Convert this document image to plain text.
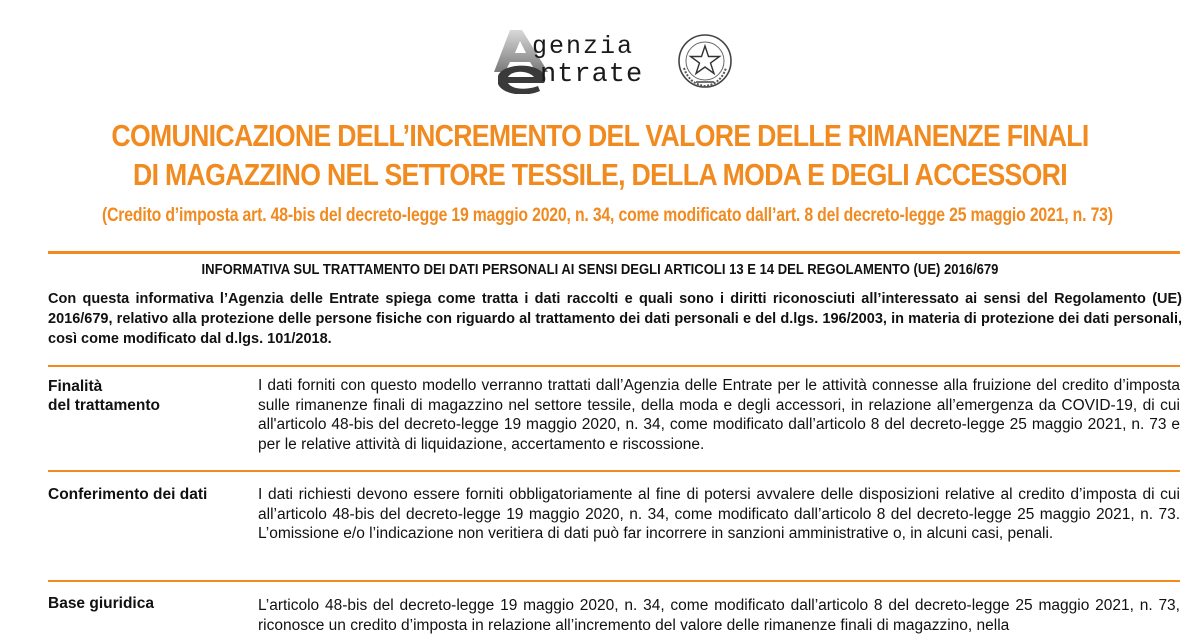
genzia
ntrate
COMUNICAZIONE DELL’INCREMENTO DEL VALORE DELLE RIMANENZE FINALI
DI MAGAZZINO NEL SETTORE TESSILE, DELLA MODA E DEGLI ACCESSORI
(Credito d’imposta art. 48-bis del decreto-legge 19 maggio 2020, n. 34, come modificato dall’art. 8 del decreto-legge 25 maggio 2021, n. 73)
INFORMATIVA SUL TRATTAMENTO DEI DATI PERSONALI AI SENSI DEGLI ARTICOLI 13 E 14 DEL REGOLAMENTO (UE) 2016/679
Con questa informativa l’Agenzia delle Entrate spiega come tratta i dati raccolti e quali sono i diritti riconosciuti all’interessato ai sensi del Regolamento (UE) 2016/679, relativo alla protezione delle persone fisiche con riguardo al trattamento dei dati personali e del d.lgs. 196/2003, in materia di protezione dei dati personali, così come modificato dal d.lgs. 101/2018.
Finalità
del trattamento
I dati forniti con questo modello verranno trattati dall’Agenzia delle Entrate per le attività connesse alla fruizione del credito d’imposta sulle rimanenze finali di magazzino nel settore tessile, della moda e degli accessori, in relazione all’emergenza da COVID-19, di cui all'articolo 48-bis del decreto-legge 19 maggio 2020, n. 34, come modificato dall’articolo 8 del decreto-legge 25 maggio 2021, n. 73 e per le relative attività di liquidazione, accertamento e riscossione.
Conferimento dei dati	I dati richiesti devono essere forniti obbligatoriamente al fine di potersi avvalere delle disposizioni relative al credito d’imposta di cui all’articolo 48-bis del decreto-legge 19 maggio 2020, n. 34, come modificato dall’articolo 8 del decreto-legge 25 maggio 2021, n. 73. L’omissione e/o l’indicazione non veritiera di dati può far incorrere in sanzioni amministrative o, in alcuni casi, penali.
Base giuridica	L’articolo 48-bis del decreto-legge 19 maggio 2020, n. 34, come modificato dall’articolo 8 del decreto-legge 25 maggio 2021, n. 73, riconosce un credito d’imposta in relazione all’incremento del valore delle rimanenze finali di magazzino, nella
